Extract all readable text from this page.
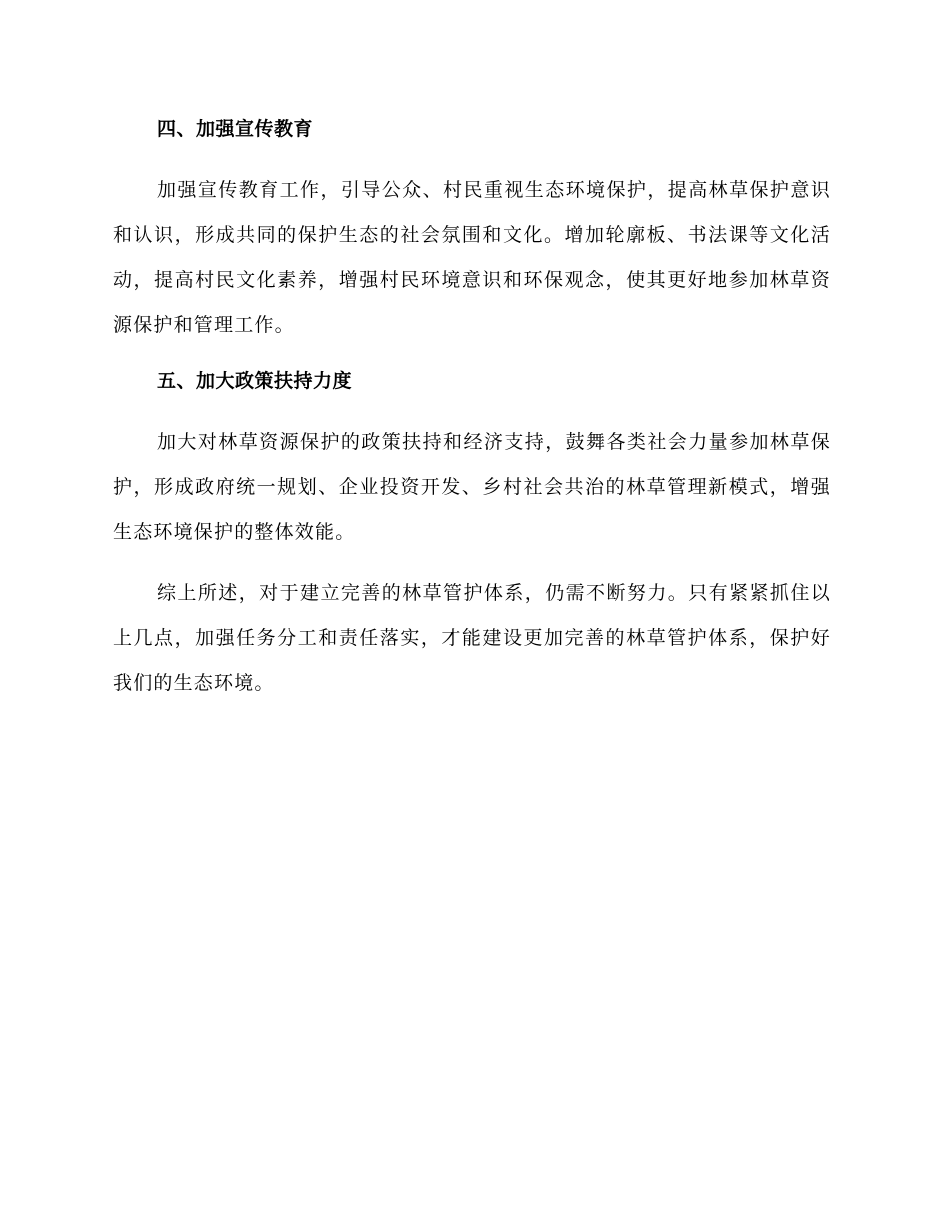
四、加强宣传教育

加强宣传教育工作，引导公众、村民重视生态环境保护，提高林草保护意识和认识，形成共同的保护生态的社会氛围和文化。增加轮廓板、书法课等文化活动，提高村民文化素养，增强村民环境意识和环保观念，使其更好地参加林草资源保护和管理工作。

五、加大政策扶持力度

加大对林草资源保护的政策扶持和经济支持，鼓舞各类社会力量参加林草保护，形成政府统一规划、企业投资开发、乡村社会共治的林草管理新模式，增强生态环境保护的整体效能。

综上所述，对于建立完善的林草管护体系，仍需不断努力。只有紧紧抓住以上几点，加强任务分工和责任落实，才能建设更加完善的林草管护体系，保护好我们的生态环境。
